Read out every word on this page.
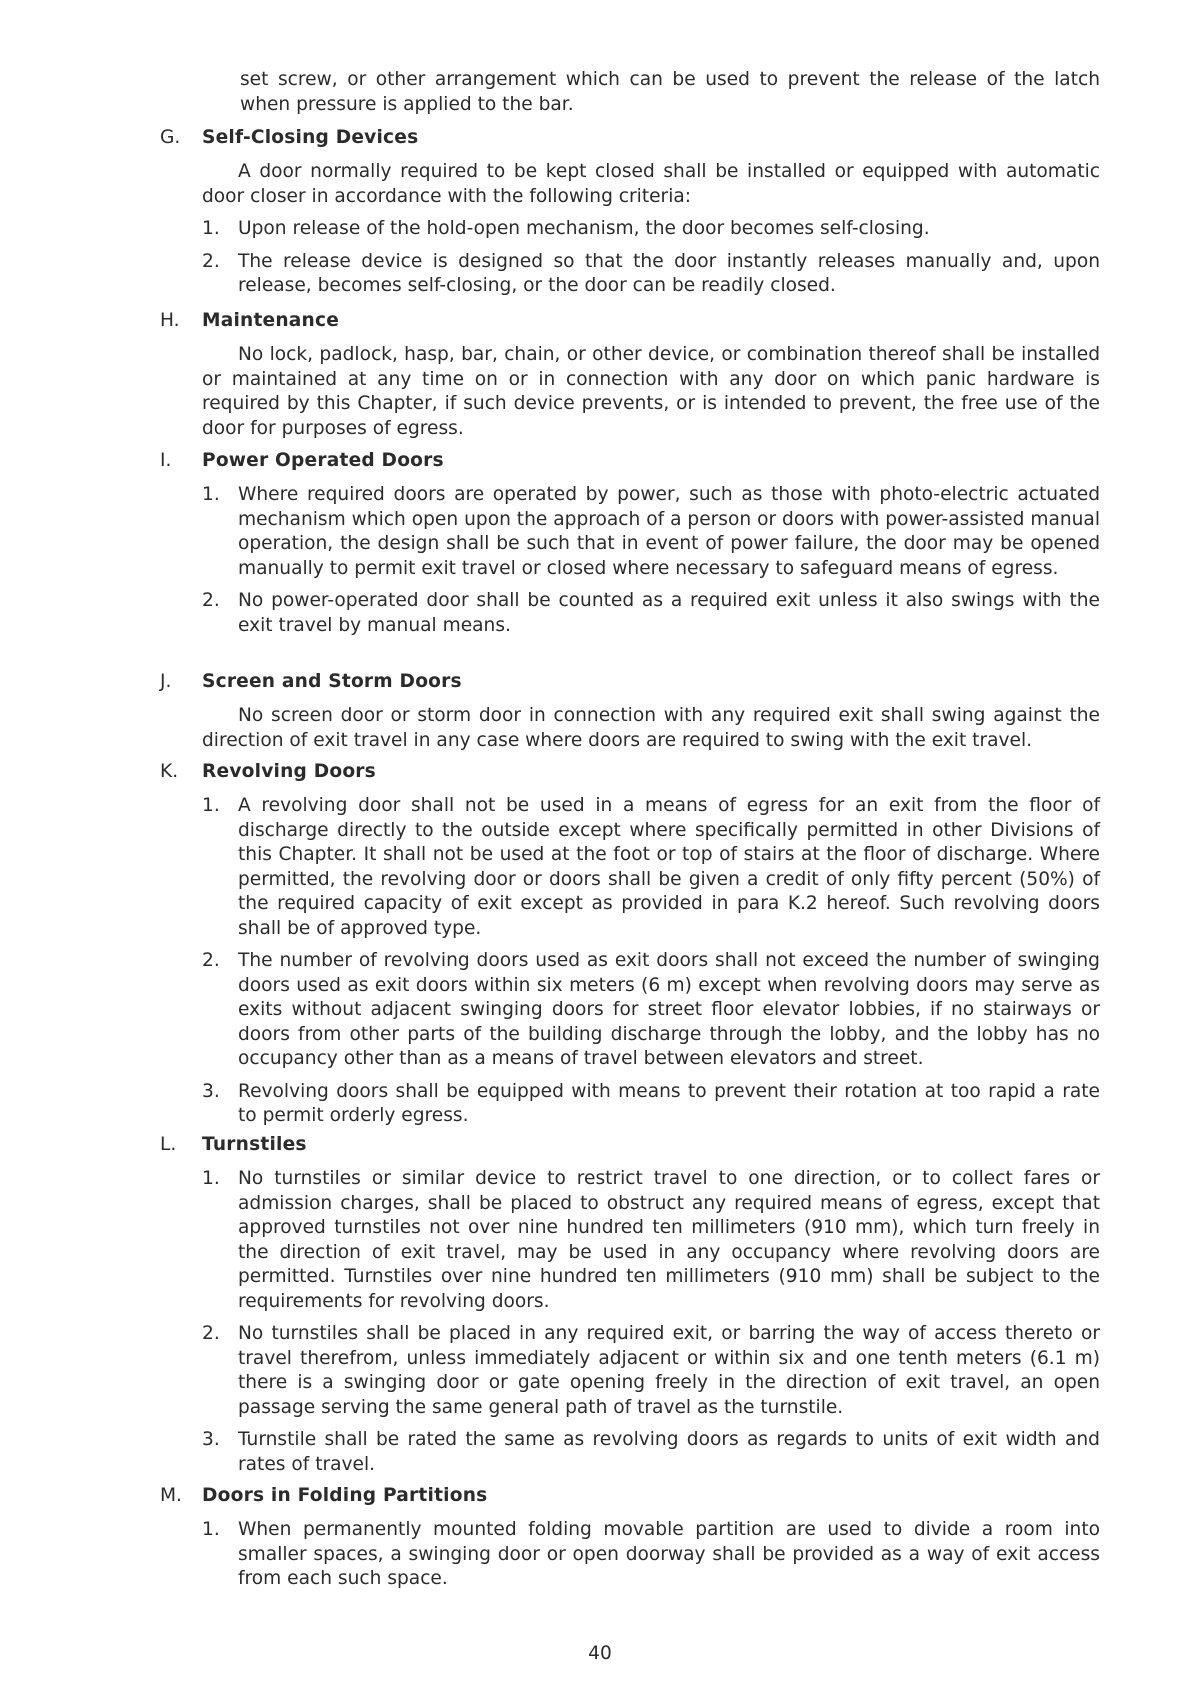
set screw, or other arrangement which can be used to prevent the release of the latch when pressure is applied to the bar.
G.	Self-Closing Devices
A door normally required to be kept closed shall be installed or equipped with automatic door closer in accordance with the following criteria:
1. Upon release of the hold-open mechanism, the door becomes self-closing.
2. The release device is designed so that the door instantly releases manually and, upon release, becomes self-closing, or the door can be readily closed.
H.	Maintenance
No lock, padlock, hasp, bar, chain, or other device, or combination thereof shall be installed or maintained at any time on or in connection with any door on which panic hardware is required by this Chapter, if such device prevents, or is intended to prevent, the free use of the door for purposes of egress.
I.	Power Operated Doors
1. Where required doors are operated by power, such as those with photo-electric actuated mechanism which open upon the approach of a person or doors with power-assisted manual operation, the design shall be such that in event of power failure, the door may be opened manually to permit exit travel or closed where necessary to safeguard means of egress.
2. No power-operated door shall be counted as a required exit unless it also swings with the exit travel by manual means.
J.	Screen and Storm Doors
No screen door or storm door in connection with any required exit shall swing against the direction of exit travel in any case where doors are required to swing with the exit travel.
K.	Revolving Doors
1. A revolving door shall not be used in a means of egress for an exit from the floor of discharge directly to the outside except where specifically permitted in other Divisions of this Chapter. It shall not be used at the foot or top of stairs at the floor of discharge. Where permitted, the revolving door or doors shall be given a credit of only fifty percent (50%) of the required capacity of exit except as provided in para K.2 hereof. Such revolving doors shall be of approved type.
2. The number of revolving doors used as exit doors shall not exceed the number of swinging doors used as exit doors within six meters (6 m) except when revolving doors may serve as exits without adjacent swinging doors for street floor elevator lobbies, if no stairways or doors from other parts of the building discharge through the lobby, and the lobby has no occupancy other than as a means of travel between elevators and street.
3. Revolving doors shall be equipped with means to prevent their rotation at too rapid a rate to permit orderly egress.
L.	Turnstiles
1. No turnstiles or similar device to restrict travel to one direction, or to collect fares or admission charges, shall be placed to obstruct any required means of egress, except that approved turnstiles not over nine hundred ten millimeters (910 mm), which turn freely in the direction of exit travel, may be used in any occupancy where revolving doors are permitted. Turnstiles over nine hundred ten millimeters (910 mm) shall be subject to the requirements for revolving doors.
2. No turnstiles shall be placed in any required exit, or barring the way of access thereto or travel therefrom, unless immediately adjacent or within six and one tenth meters (6.1 m) there is a swinging door or gate opening freely in the direction of exit travel, an open passage serving the same general path of travel as the turnstile.
3. Turnstile shall be rated the same as revolving doors as regards to units of exit width and rates of travel.
M.	Doors in Folding Partitions
1. When permanently mounted folding movable partition are used to divide a room into smaller spaces, a swinging door or open doorway shall be provided as a way of exit access from each such space.
40
